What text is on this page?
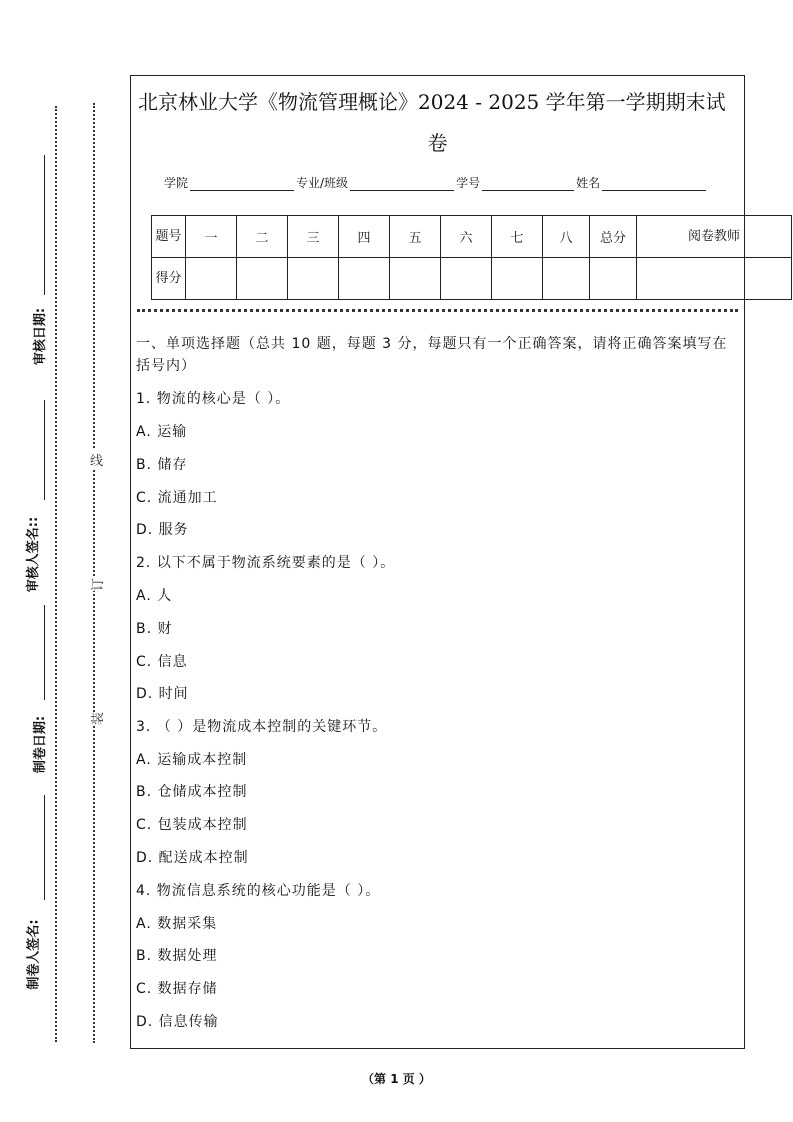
审核日期:
审核人签名::
制卷日期:
制卷人签名:
线
订
装
北京林业大学《物流管理概论》2024 - 2025 学年第一学期期末试
卷
学院	专业/班级	学号	姓名
题号	一	二	三	四	五	六	七	八	总分	阅卷教师
得分										
一、单项选择题（总共 10 题，每题 3 分，每题只有一个正确答案，请将正确答案填写在括号内）
1. 物流的核心是（ ）。
A. 运输
B. 储存
C. 流通加工
D. 服务
2. 以下不属于物流系统要素的是（ ）。
A. 人
B. 财
C. 信息
D. 时间
3. （ ）是物流成本控制的关键环节。
A. 运输成本控制
B. 仓储成本控制
C. 包装成本控制
D. 配送成本控制
4. 物流信息系统的核心功能是（ ）。
A. 数据采集
B. 数据处理
C. 数据存储
D. 信息传输
（第 1 页 ）
